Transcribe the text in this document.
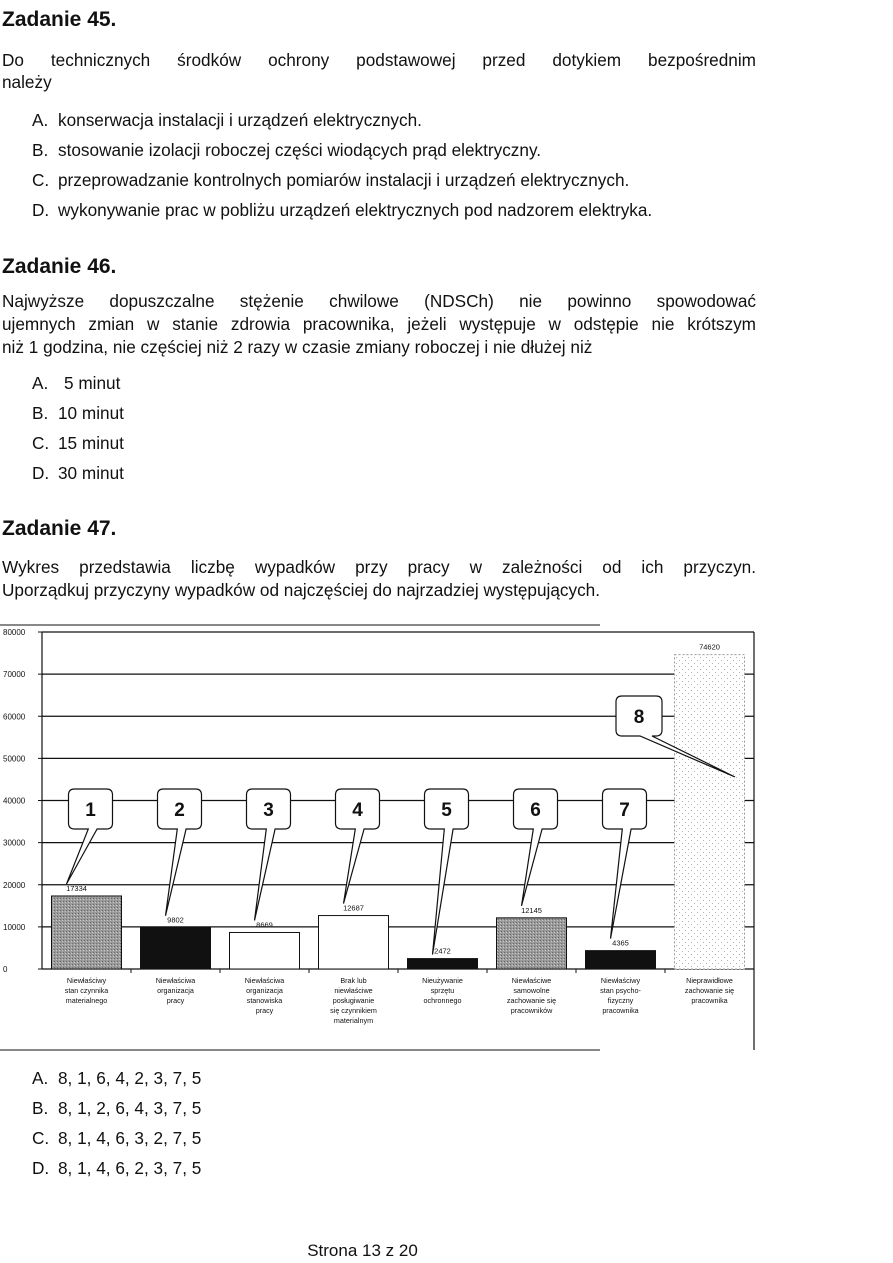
Zadanie 45.
Do technicznych środków ochrony podstawowej przed dotykiem bezpośrednim
należy
A. konserwacja instalacji i urządzeń elektrycznych.
B. stosowanie izolacji roboczej części wiodących prąd elektryczny.
C. przeprowadzanie kontrolnych pomiarów instalacji i urządzeń elektrycznych.
D. wykonywanie prac w pobliżu urządzeń elektrycznych pod nadzorem elektryka.
Zadanie 46.
Najwyższe dopuszczalne stężenie chwilowe (NDSCh) nie powinno spowodować
ujemnych zmian w stanie zdrowia pracownika, jeżeli występuje w odstępie nie krótszym
niż 1 godzina, nie częściej niż 2 razy w czasie zmiany roboczej i nie dłużej niż
A. 5 minut
B. 10 minut
C. 15 minut
D. 30 minut
Zadanie 47.
Wykres przedstawia liczbę wypadków przy pracy w zależności od ich przyczyn.
Uporządkuj przyczyny wypadków od najczęściej do najrzadziej występujących.
0
10000
20000
30000
40000
50000
60000
70000
80000
17334
Niewłaściwy
stan czynnika
materialnego
1
9802
Niewłaściwa
organizacja
pracy
2
8669
Niewłaściwa
organizacja
stanowiska
pracy
3
12687
Brak lub
niewłaściwe
posługiwanie
się czynnikiem
materialnym
4
2472
Nieużywanie
sprzętu
ochronnego
5
12145
Niewłaściwe
samowolne
zachowanie się
pracowników
6
4365
Niewłaściwy
stan psycho-
fizyczny
pracownika
7
74620
Nieprawidłowe
zachowanie się
pracownika
8
A. 8, 1, 6, 4, 2, 3, 7, 5
B. 8, 1, 2, 6, 4, 3, 7, 5
C. 8, 1, 4, 6, 3, 2, 7, 5
D. 8, 1, 4, 6, 2, 3, 7, 5
Strona 13 z 20
